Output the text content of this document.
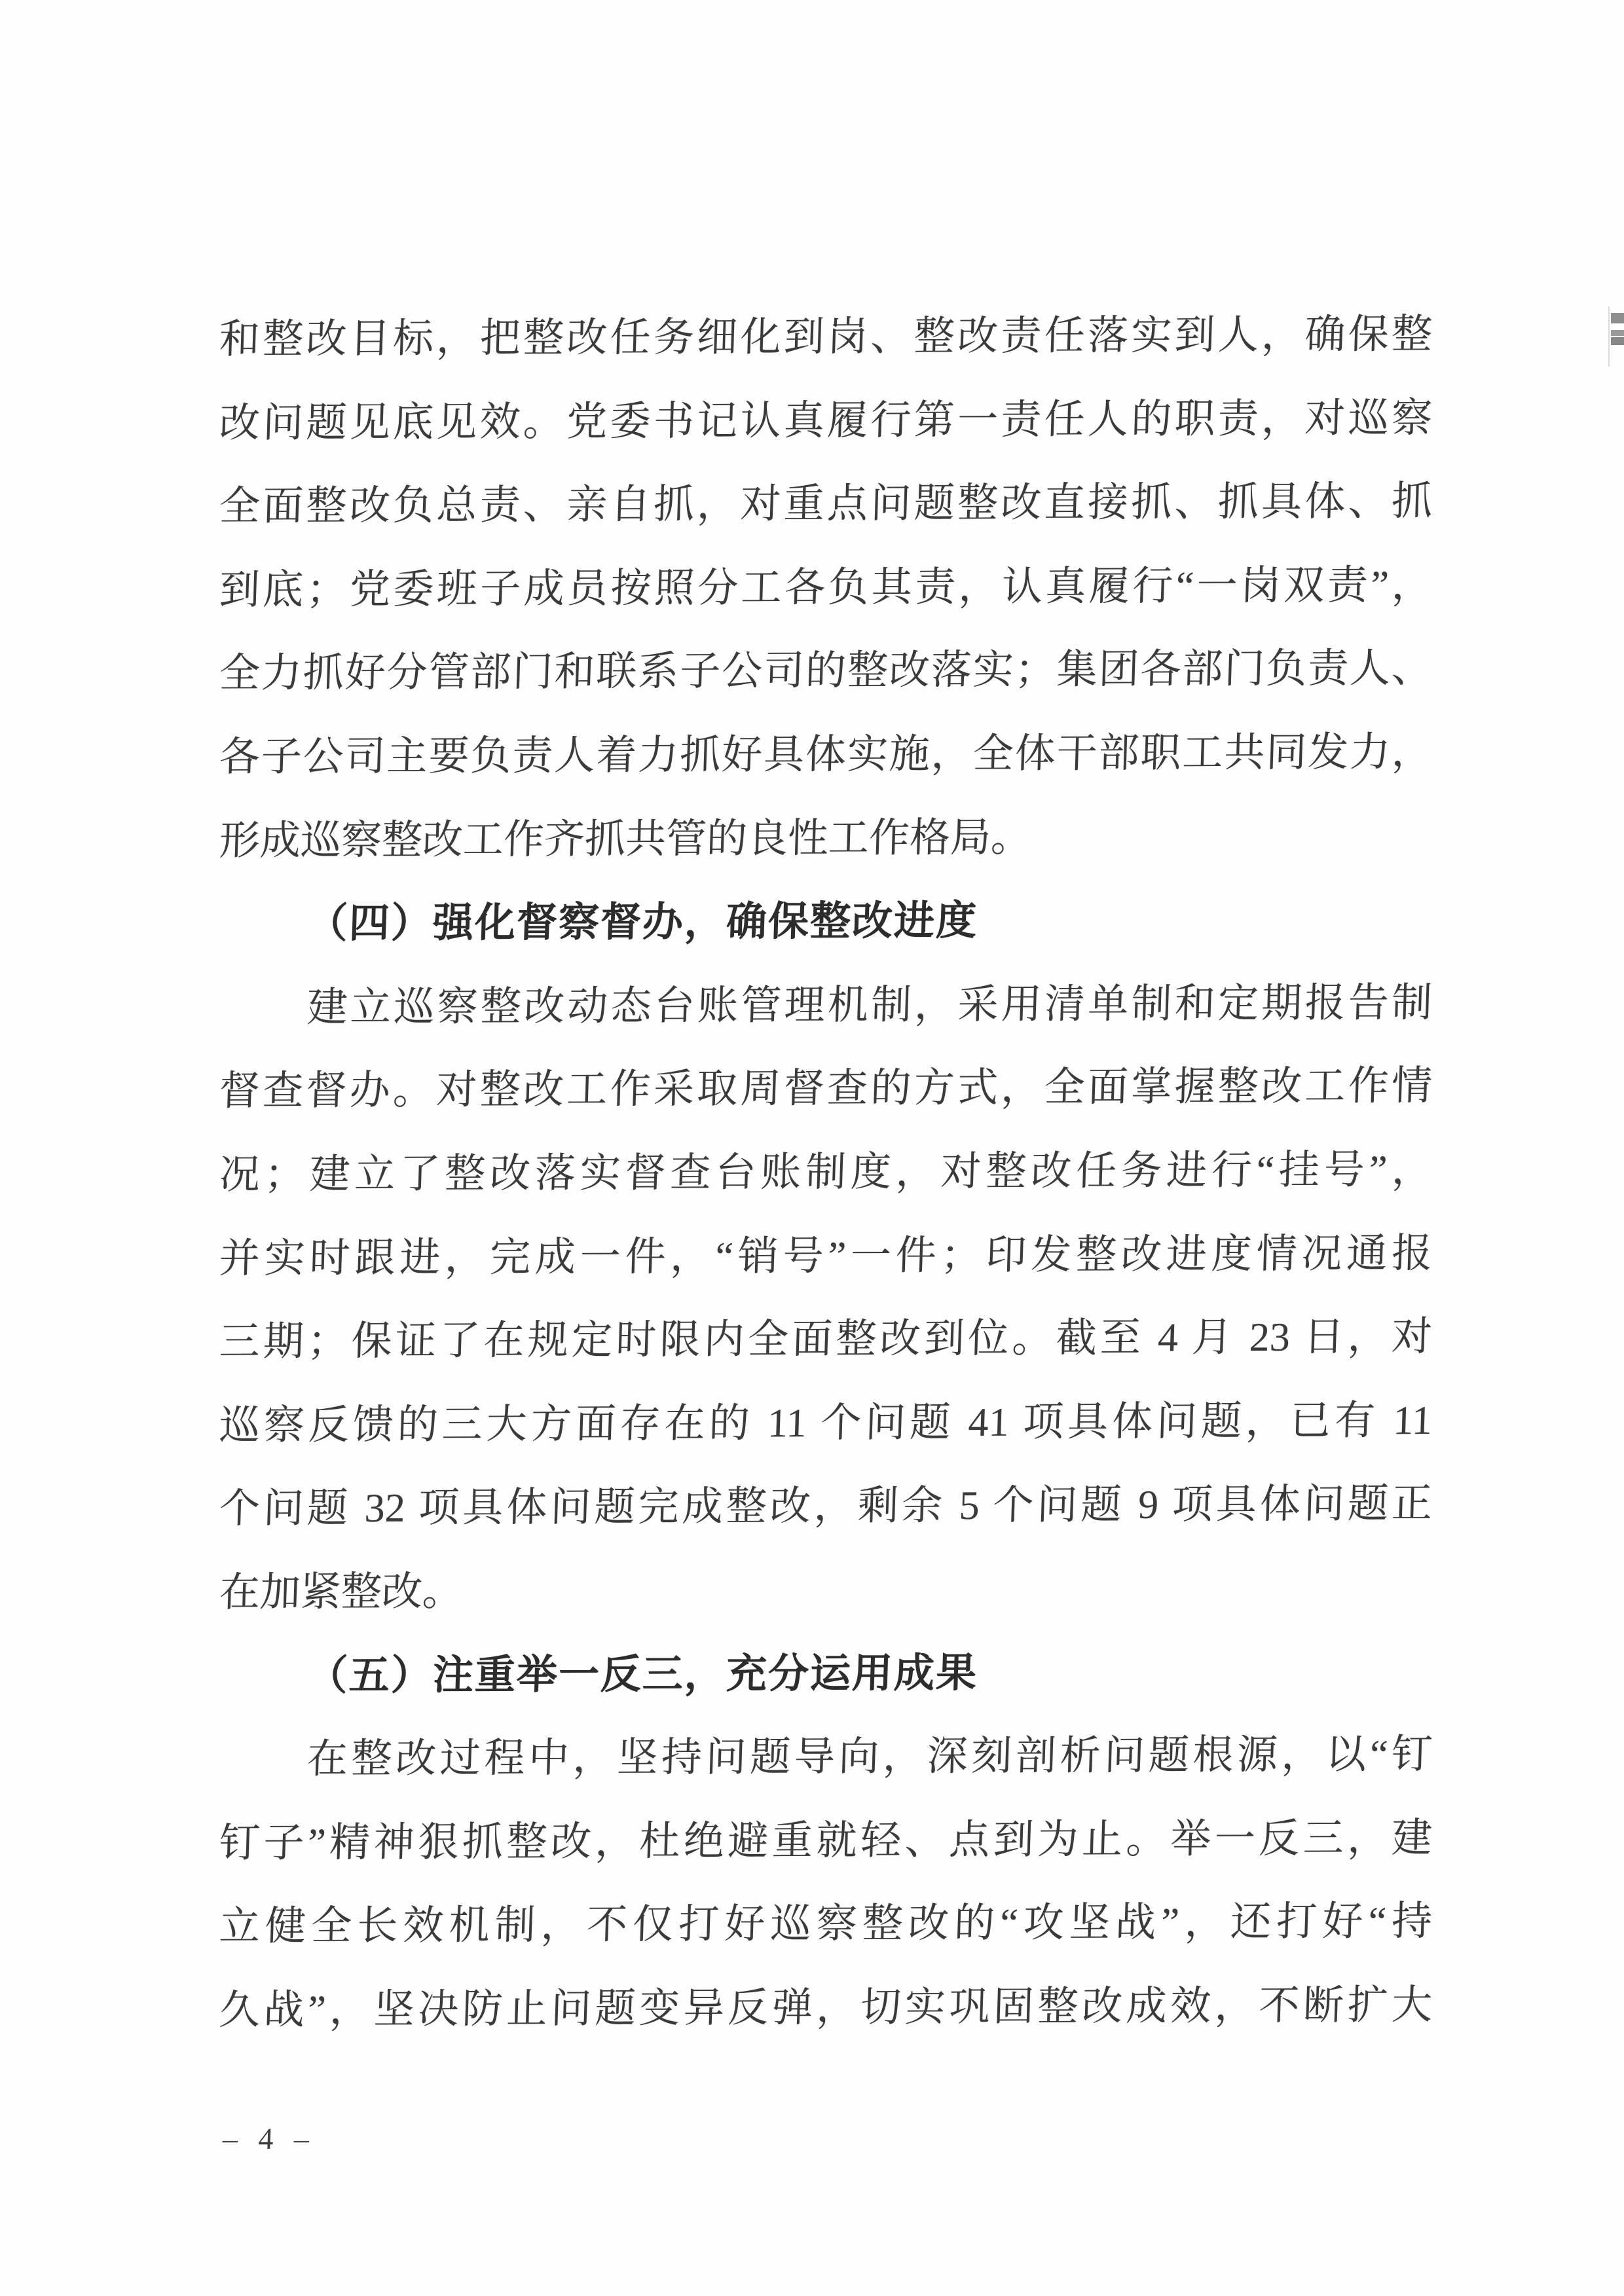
和整改目标，把整改任务细化到岗、整改责任落实到人，确保整
改问题见底见效。党委书记认真履行第一责任人的职责，对巡察
全面整改负总责、亲自抓，对重点问题整改直接抓、抓具体、抓
到底；党委班子成员按照分工各负其责，认真履行“一岗双责”，
全力抓好分管部门和联系子公司的整改落实；集团各部门负责人、
各子公司主要负责人着力抓好具体实施，全体干部职工共同发力，
形成巡察整改工作齐抓共管的良性工作格局。
（四）强化督察督办，确保整改进度
建立巡察整改动态台账管理机制，采用清单制和定期报告制
督查督办。对整改工作采取周督查的方式，全面掌握整改工作情
况；建立了整改落实督查台账制度，对整改任务进行“挂号”，
并实时跟进，完成一件，“销号”一件；印发整改进度情况通报
三期；保证了在规定时限内全面整改到位。截至 4 月 23 日，对
巡察反馈的三大方面存在的 11 个问题 41 项具体问题，已有 11
个问题 32 项具体问题完成整改，剩余 5 个问题 9 项具体问题正
在加紧整改。
（五）注重举一反三，充分运用成果
在整改过程中，坚持问题导向，深刻剖析问题根源，以“钉
钉子”精神狠抓整改，杜绝避重就轻、点到为止。举一反三，建
立健全长效机制，不仅打好巡察整改的“攻坚战”，还打好“持
久战”，坚决防止问题变异反弹，切实巩固整改成效，不断扩大
– 4 –
